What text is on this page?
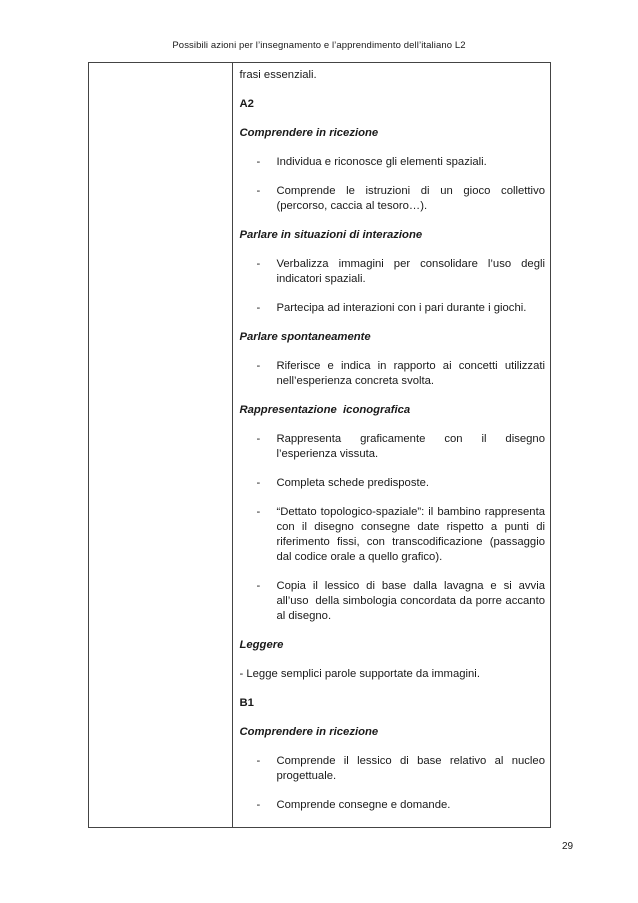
Possibili azioni per l’insegnamento e l’apprendimento dell’italiano L2

frasi essenziali.

A2

Comprendere in ricezione

-	Individua e riconosce gli elementi spaziali.
-	Comprende le istruzioni di un gioco collettivo (percorso, caccia al tesoro…).

Parlare in situazioni di interazione

-	Verbalizza immagini per consolidare l’uso degli indicatori spaziali.
-	Partecipa ad interazioni con i pari durante i giochi.

Parlare spontaneamente

-	Riferisce e indica in rapporto ai concetti utilizzati nell’esperienza concreta svolta.

Rappresentazione  iconografica

-	Rappresenta graficamente con il disegno l’esperienza vissuta.
-	Completa schede predisposte.
-	“Dettato topologico-spaziale”: il bambino rappresenta con il disegno consegne date rispetto a punti di riferimento fissi, con transcodificazione (passaggio dal codice orale a quello grafico).
-	Copia il lessico di base dalla lavagna e si avvia all’uso  della simbologia concordata da porre accanto al disegno.

Leggere

- Legge semplici parole supportate da immagini.

B1

Comprendere in ricezione

-	Comprende il lessico di base relativo al nucleo progettuale.
-	Comprende consegne e domande.
29
